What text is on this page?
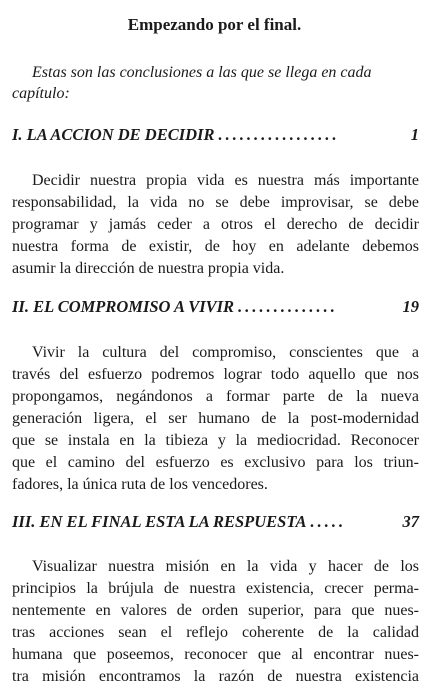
Empezando por el final.
Estas son las conclusiones a las que se llega en cada capítulo:
I. LA ACCION DE DECIDIR .................	1
Decidir nuestra propia vida es nuestra más importante
responsabilidad, la vida no se debe improvisar, se debe
programar y jamás ceder a otros el derecho de decidir
nuestra forma de existir, de hoy en adelante debemos
asumir la dirección de nuestra propia vida.
II. EL COMPROMISO A VIVIR ..............	19
Vivir la cultura del compromiso, conscientes que a
través del esfuerzo podremos lograr todo aquello que nos
propongamos, negándonos a formar parte de la nueva
generación ligera, el ser humano de la post-modernidad
que se instala en la tibieza y la mediocridad. Reconocer
que el camino del esfuerzo es exclusivo para los triun-
fadores, la única ruta de los vencedores.
III. EN EL FINAL ESTA LA RESPUESTA .....	37
Visualizar nuestra misión en la vida y hacer de los
principios la brújula de nuestra existencia, crecer perma-
nentemente en valores de orden superior, para que nues-
tras acciones sean el reflejo coherente de la calidad
humana que poseemos, reconocer que al encontrar nues-
tra misión encontramos la razón de nuestra existencia
